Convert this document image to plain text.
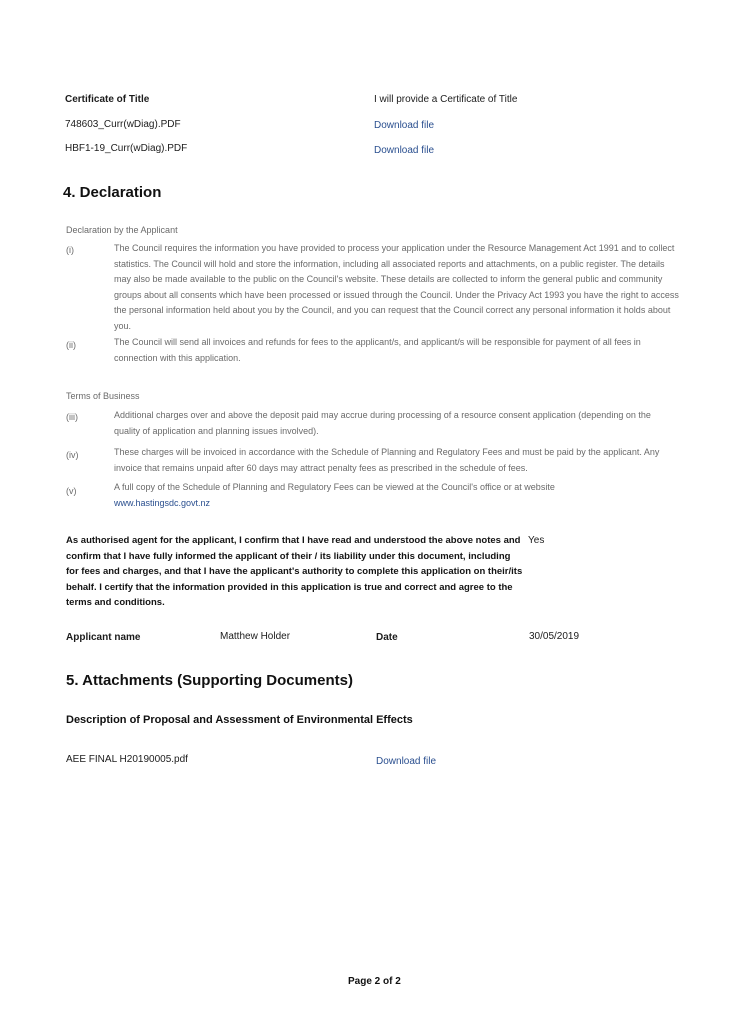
Certificate of Title	I will provide a Certificate of Title
748603_Curr(wDiag).PDF	Download file
HBF1-19_Curr(wDiag).PDF	Download file
4. Declaration
Declaration by the Applicant
(i)	The Council requires the information you have provided to process your application under the Resource Management Act 1991 and to collect statistics. The Council will hold and store the information, including all associated reports and attachments, on a public register. The details may also be made available to the public on the Council's website. These details are collected to inform the general public and community groups about all consents which have been processed or issued through the Council. Under the Privacy Act 1993 you have the right to access the personal information held about you by the Council, and you can request that the Council correct any personal information it holds about you.
(ii)	The Council will send all invoices and refunds for fees to the applicant/s, and applicant/s will be responsible for payment of all fees in connection with this application.
Terms of Business
(iii)	Additional charges over and above the deposit paid may accrue during processing of a resource consent application (depending on the quality of application and planning issues involved).
(iv)	These charges will be invoiced in accordance with the Schedule of Planning and Regulatory Fees and must be paid by the applicant. Any invoice that remains unpaid after 60 days may attract penalty fees as prescribed in the schedule of fees.
(v)	A full copy of the Schedule of Planning and Regulatory Fees can be viewed at the Council's office or at website
www.hastingsdc.govt.nz
As authorised agent for the applicant, I confirm that I have read and understood the above notes and confirm that I have fully informed the applicant of their / its liability under this document, including for fees and charges, and that I have the applicant's authority to complete this application on their/its behalf. I certify that the information provided in this application is true and correct and agree to the terms and conditions.
Yes
Applicant name	Matthew Holder	Date	30/05/2019
5. Attachments (Supporting Documents)
Description of Proposal and Assessment of Environmental Effects
AEE FINAL H20190005.pdf	Download file
Page 2 of 2
